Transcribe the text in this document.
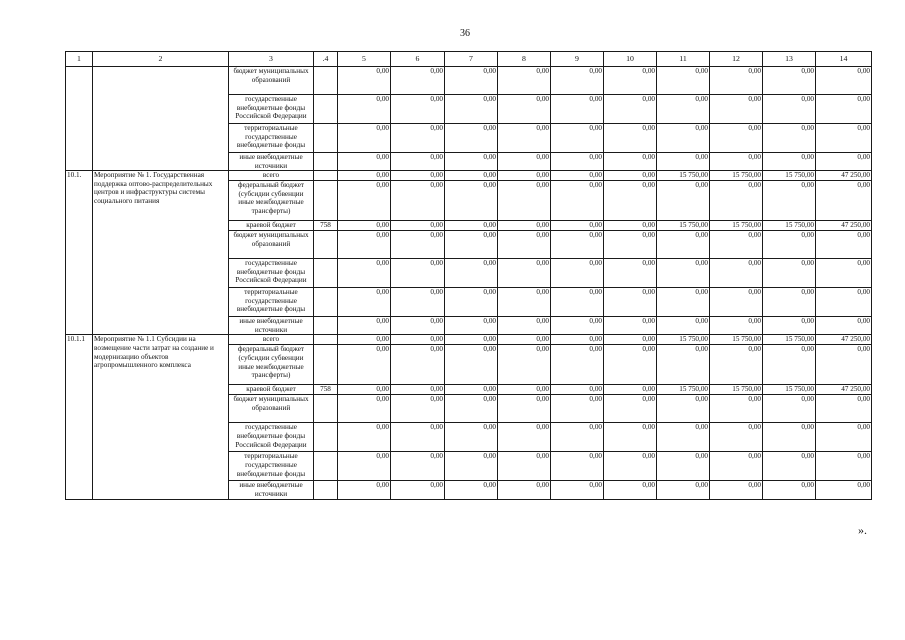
36
1	2	3	.4	5	6	7	8	9	10	11	12	13	14
		бюджет муниципальных образований		0,00	0,00	0,00	0,00	0,00	0,00	0,00	0,00	0,00	0,00
		государственные внебюджетные фонды Российской Федерации		0,00	0,00	0,00	0,00	0,00	0,00	0,00	0,00	0,00	0,00
		территориальные государственные внебюджетные фонды		0,00	0,00	0,00	0,00	0,00	0,00	0,00	0,00	0,00	0,00
		иные внебюджетные источники		0,00	0,00	0,00	0,00	0,00	0,00	0,00	0,00	0,00	0,00
10.1.	Мероприятие № 1. Государственная поддержка оптово-распределительных центров и инфраструктуры системы социального питания	всего		0,00	0,00	0,00	0,00	0,00	0,00	15 750,00	15 750,00	15 750,00	47 250,00
		федеральный бюджет (субсидии субвенции иные межбюджетные трансферты)		0,00	0,00	0,00	0,00	0,00	0,00	0,00	0,00	0,00	0,00
		краевой бюджет	758	0,00	0,00	0,00	0,00	0,00	0,00	15 750,00	15 750,00	15 750,00	47 250,00
		бюджет муниципальных образований		0,00	0,00	0,00	0,00	0,00	0,00	0,00	0,00	0,00	0,00
		государственные внебюджетные фонды Российской Федерации		0,00	0,00	0,00	0,00	0,00	0,00	0,00	0,00	0,00	0,00
		территориальные государственные внебюджетные фонды		0,00	0,00	0,00	0,00	0,00	0,00	0,00	0,00	0,00	0,00
		иные внебюджетные источники		0,00	0,00	0,00	0,00	0,00	0,00	0,00	0,00	0,00	0,00
10.1.1	Мероприятие № 1.1 Субсидии на возмещение части затрат на создание и модернизацию объектов агропромышленного комплекса	всего		0,00	0,00	0,00	0,00	0,00	0,00	15 750,00	15 750,00	15 750,00	47 250,00
		федеральный бюджет (субсидии субвенции иные межбюджетные трансферты)		0,00	0,00	0,00	0,00	0,00	0,00	0,00	0,00	0,00	0,00
		краевой бюджет	758	0,00	0,00	0,00	0,00	0,00	0,00	15 750,00	15 750,00	15 750,00	47 250,00
		бюджет муниципальных образований		0,00	0,00	0,00	0,00	0,00	0,00	0,00	0,00	0,00	0,00
		государственные внебюджетные фонды Российской Федерации		0,00	0,00	0,00	0,00	0,00	0,00	0,00	0,00	0,00	0,00
		территориальные государственные внебюджетные фонды		0,00	0,00	0,00	0,00	0,00	0,00	0,00	0,00	0,00	0,00
		иные внебюджетные источники		0,00	0,00	0,00	0,00	0,00	0,00	0,00	0,00	0,00	0,00
».
